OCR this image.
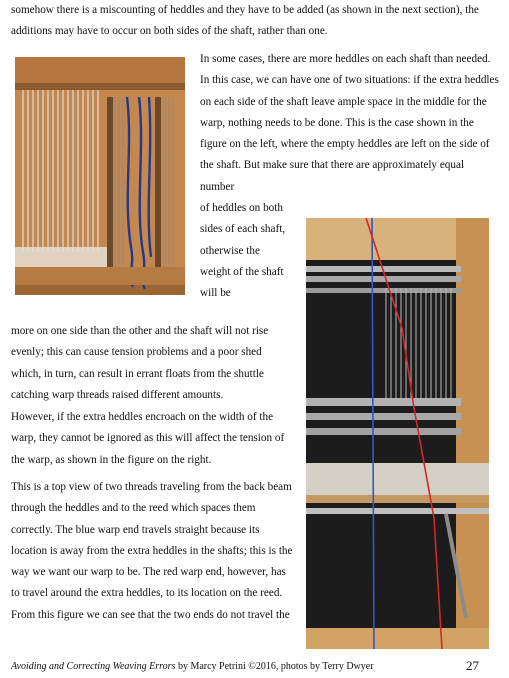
somehow there is a miscounting of heddles and they have to be added (as shown in the next section), the additions may have to occur on both sides of the shaft, rather than one.
In some cases, there are more heddles on each shaft than needed. In this case, we can have one of two situations: if the extra heddles on each side of the shaft leave ample space in the middle for the warp, nothing needs to be done. This is the case shown in the figure on the left, where the empty heddles are left on the side of the shaft. But make sure that there are approximately equal number
of heddles on both sides of each shaft, otherwise the weight of the shaft will be
more on one side than the other and the shaft will not rise evenly; this can cause tension problems and a poor shed which, in turn, can result in errant floats from the shuttle catching warp threads raised different amounts.
However, if the extra heddles encroach on the width of the warp, they cannot be ignored as this will affect the tension of the warp, as shown in the figure on the right.
This is a top view of two threads traveling from the back beam through the heddles and to the reed which spaces them correctly. The blue warp end travels straight because its location is away from the extra heddles in the shafts; this is the way we want our warp to be. The red warp end, however, has to travel around the extra heddles, to its location on the reed. From this figure we can see that the two ends do not travel the
Avoiding and Correcting Weaving Errors by Marcy Petrini ©2016, photos by Terry Dwyer	27
